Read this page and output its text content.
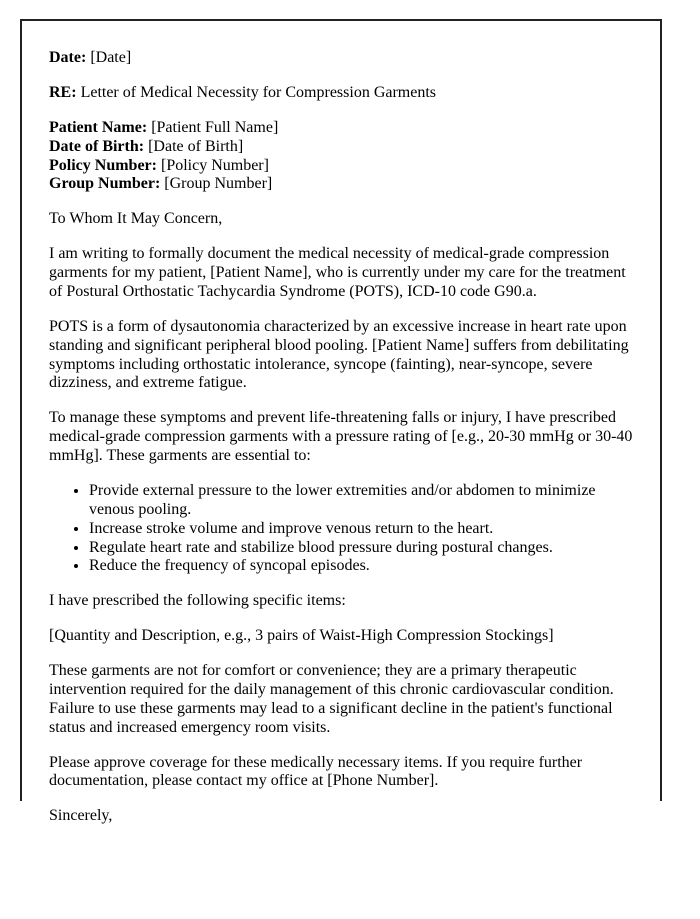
Date: [Date]

RE: Letter of Medical Necessity for Compression Garments

Patient Name: [Patient Full Name]
Date of Birth: [Date of Birth]
Policy Number: [Policy Number]
Group Number: [Group Number]

To Whom It May Concern,

I am writing to formally document the medical necessity of medical-grade compression garments for my patient, [Patient Name], who is currently under my care for the treatment of Postural Orthostatic Tachycardia Syndrome (POTS), ICD-10 code G90.a.

POTS is a form of dysautonomia characterized by an excessive increase in heart rate upon standing and significant peripheral blood pooling. [Patient Name] suffers from debilitating symptoms including orthostatic intolerance, syncope (fainting), near-syncope, severe dizziness, and extreme fatigue.

To manage these symptoms and prevent life-threatening falls or injury, I have prescribed medical-grade compression garments with a pressure rating of [e.g., 20-30 mmHg or 30-40 mmHg]. These garments are essential to:

• Provide external pressure to the lower extremities and/or abdomen to minimize venous pooling.
• Increase stroke volume and improve venous return to the heart.
• Regulate heart rate and stabilize blood pressure during postural changes.
• Reduce the frequency of syncopal episodes.

I have prescribed the following specific items:

[Quantity and Description, e.g., 3 pairs of Waist-High Compression Stockings]

These garments are not for comfort or convenience; they are a primary therapeutic intervention required for the daily management of this chronic cardiovascular condition. Failure to use these garments may lead to a significant decline in the patient's functional status and increased emergency room visits.

Please approve coverage for these medically necessary items. If you require further documentation, please contact my office at [Phone Number].

Sincerely,
